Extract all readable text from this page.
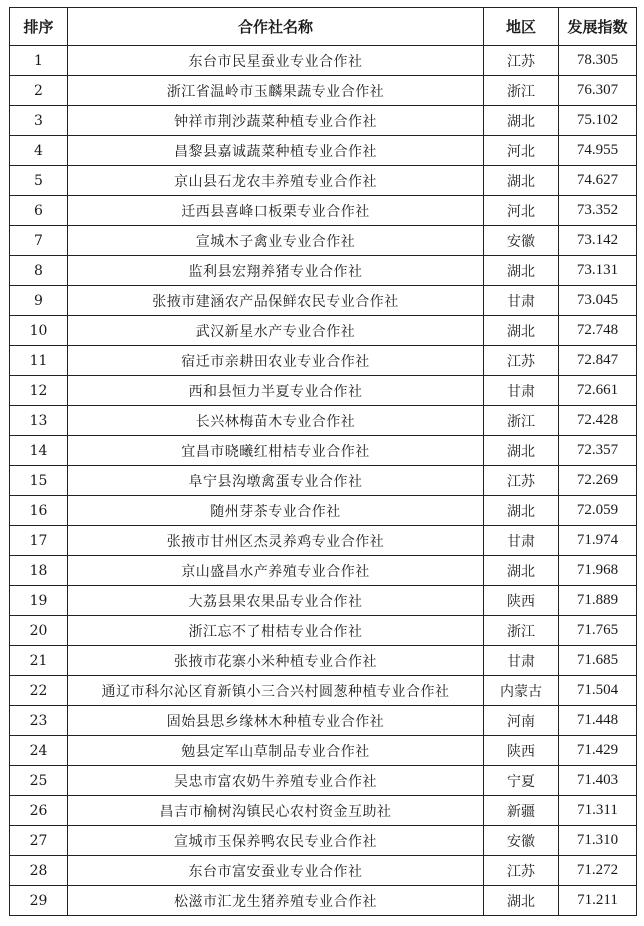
排序	合作社名称	地区	发展指数
1	东台市民星蚕业专业合作社	江苏	78.305
2	浙江省温岭市玉麟果蔬专业合作社	浙江	76.307
3	钟祥市荆沙蔬菜种植专业合作社	湖北	75.102
4	昌黎县嘉诚蔬菜种植专业合作社	河北	74.955
5	京山县石龙农丰养殖专业合作社	湖北	74.627
6	迁西县喜峰口板栗专业合作社	河北	73.352
7	宣城木子禽业专业合作社	安徽	73.142
8	监利县宏翔养猪专业合作社	湖北	73.131
9	张掖市建涵农产品保鲜农民专业合作社	甘肃	73.045
10	武汉新星水产专业合作社	湖北	72.748
11	宿迁市亲耕田农业专业合作社	江苏	72.847
12	西和县恒力半夏专业合作社	甘肃	72.661
13	长兴林梅苗木专业合作社	浙江	72.428
14	宜昌市晓曦红柑桔专业合作社	湖北	72.357
15	阜宁县沟墩禽蛋专业合作社	江苏	72.269
16	随州芽茶专业合作社	湖北	72.059
17	张掖市甘州区杰灵养鸡专业合作社	甘肃	71.974
18	京山盛昌水产养殖专业合作社	湖北	71.968
19	大荔县果农果品专业合作社	陕西	71.889
20	浙江忘不了柑桔专业合作社	浙江	71.765
21	张掖市花寨小米种植专业合作社	甘肃	71.685
22	通辽市科尔沁区育新镇小三合兴村圆葱种植专业合作社	内蒙古	71.504
23	固始县思乡缘林木种植专业合作社	河南	71.448
24	勉县定军山草制品专业合作社	陕西	71.429
25	吴忠市富农奶牛养殖专业合作社	宁夏	71.403
26	昌吉市榆树沟镇民心农村资金互助社	新疆	71.311
27	宣城市玉保养鸭农民专业合作社	安徽	71.310
28	东台市富安蚕业专业合作社	江苏	71.272
29	松滋市汇龙生猪养殖专业合作社	湖北	71.211
